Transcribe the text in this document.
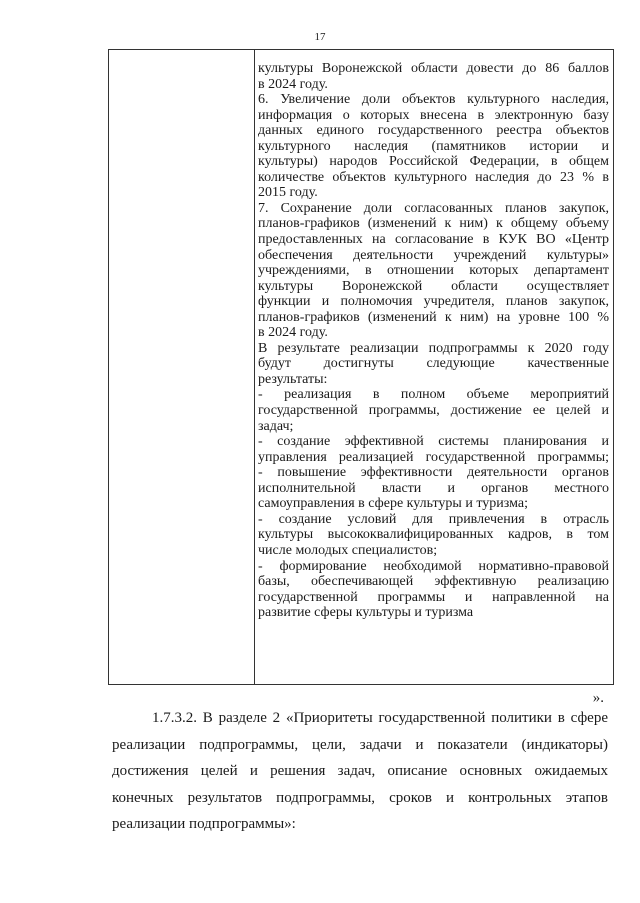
17
культуры Воронежской области довести до 86 баллов
в 2024 году.
6. Увеличение доли объектов культурного наследия,
информация о которых внесена в электронную базу
данных единого государственного реестра объектов
культурного наследия (памятников истории и
культуры) народов Российской Федерации, в общем
количестве объектов культурного наследия до 23 % в
2015 году.
7. Сохранение доли согласованных планов закупок,
планов-графиков (изменений к ним) к общему объему
предоставленных на согласование в КУК ВО «Центр
обеспечения деятельности учреждений культуры»
учреждениями, в отношении которых департамент
культуры Воронежской области осуществляет
функции и полномочия учредителя, планов закупок,
планов-графиков (изменений к ним) на уровне 100 %
в 2024 году.
В результате реализации подпрограммы к 2020 году
будут достигнуты следующие качественные
результаты:
- реализация в полном объеме мероприятий
государственной программы, достижение ее целей и
задач;
- создание эффективной системы планирования и
управления реализацией государственной программы;
- повышение эффективности деятельности органов
исполнительной власти и органов местного
самоуправления в сфере культуры и туризма;
- создание условий для привлечения в отрасль
культуры высококвалифицированных кадров, в том
числе молодых специалистов;
- формирование необходимой нормативно-правовой
базы, обеспечивающей эффективную реализацию
государственной программы и направленной на
развитие сферы культуры и туризма
».
1.7.3.2. В разделе 2 «Приоритеты государственной политики в сфере
реализации подпрограммы, цели, задачи и показатели (индикаторы)
достижения целей и решения задач, описание основных ожидаемых
конечных результатов подпрограммы, сроков и контрольных этапов
реализации подпрограммы»:
